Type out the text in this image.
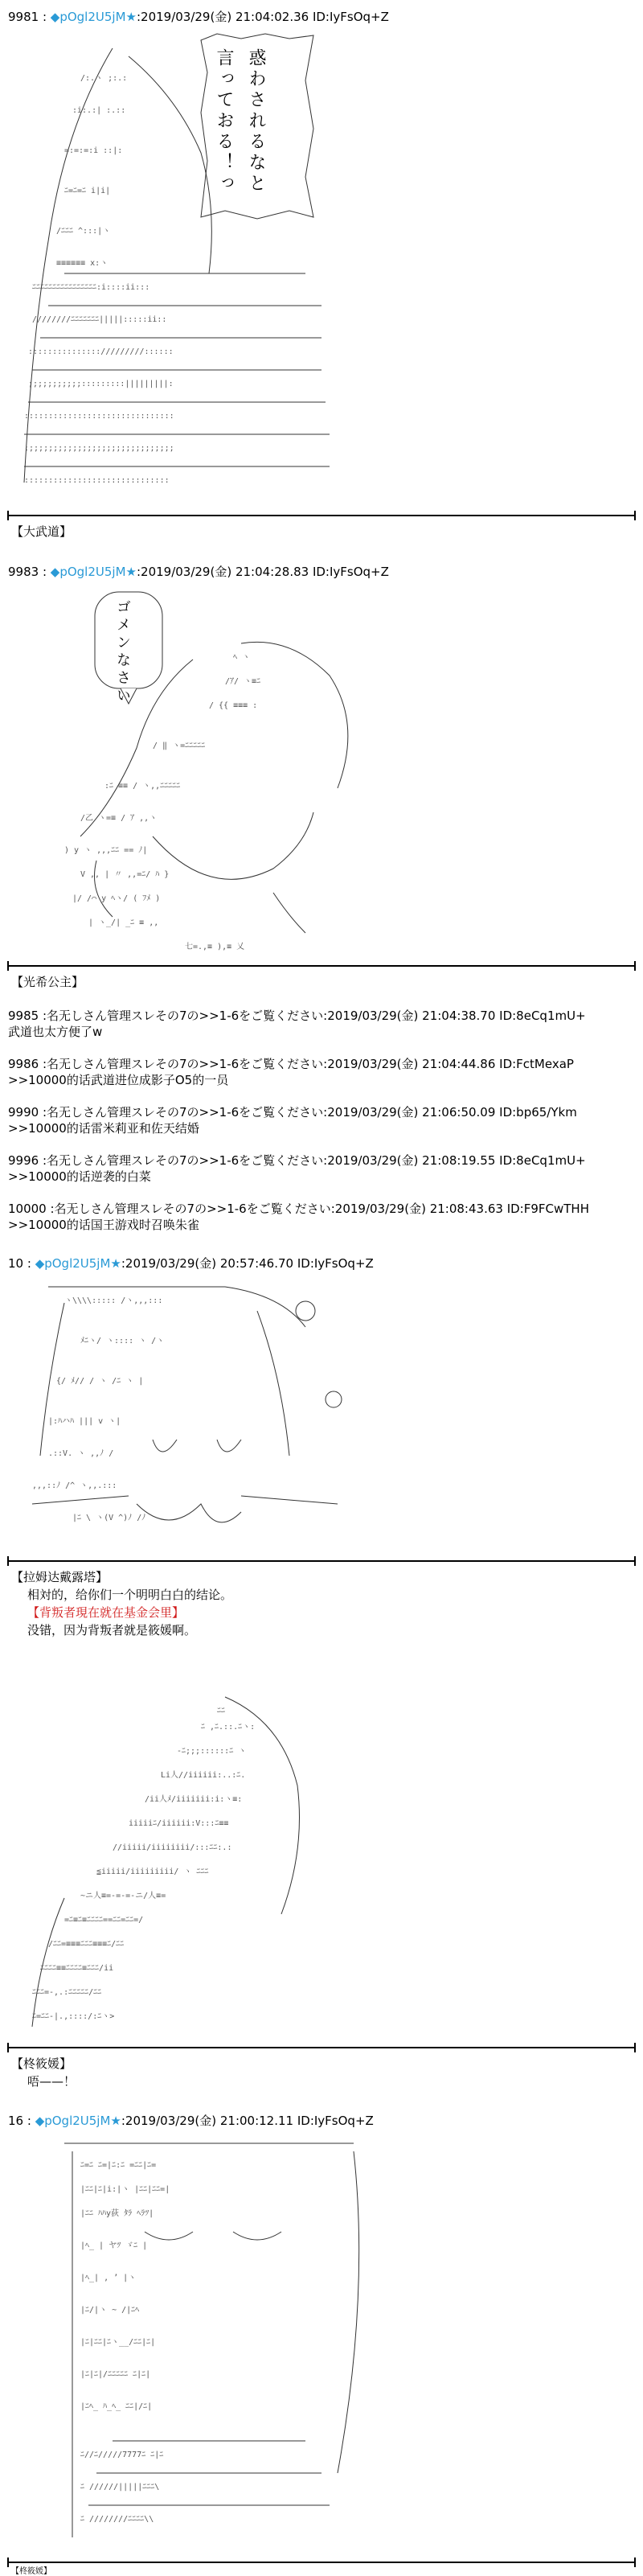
9981 : ◆pOgl2U5jM★:2019/03/29(金) 21:04:02.36 ID:IyFsOq+Z
/:.ヽ ;:.:
:i:.:| :.::
=:=:=:i ::|:
ﾆ=ﾆ=ﾆ i|i|
/ﾆﾆﾆ ^:::|ヽ
≡≡≡≡≡≡ x:ヽ
ﾆﾆﾆﾆﾆﾆﾆﾆﾆﾆﾆﾆﾆﾆﾆﾆ:i::::ii:::
////////ﾆﾆﾆﾆﾆﾆﾆ|||||:::::ii::
::::::::::::::://///////::::::
;;;;;;;;;;;:::::::::|||||||||:
:::::::::::::::::::::::::::::::
;;;;;;;;;;;;;;;;;;;;;;;;;;;;;;;
::::::::::::::::::::::::::::::
惑わされるなと
言っておる！っ
【大武道】
9983 : ◆pOgl2U5jM★:2019/03/29(金) 21:04:28.83 ID:IyFsOq+Z
ゴメンなさい	ﾍ ヽ
/ｱ/ ヽ≡ﾆ
/ {{ ≡≡≡ :
/ ‖ ヽ=ﾆﾆﾆﾆﾆ
:ﾆ ≡≡ / ヽ,,ﾆﾆﾆﾆﾆ
/乙 ヽ=≡ / ｱ ,,ヽ
) y ヽ ,,,ﾆﾆ == ﾉ|
V ,, | 〃 ,,=ﾆ/ ﾊ }
|/ /⌒ y ﾍヽ/ ( ﾌﾒ )
| ヽ_/| _ﾆ ≡ ,,
七=.,≡ ),≡ 乂
【光希公主】
9985 :名无しさん管理スレその7の>>1-6をご覧ください:2019/03/29(金) 21:04:38.70 ID:8eCq1mU+
武道也太方便了w
9986 :名无しさん管理スレその7の>>1-6をご覧ください:2019/03/29(金) 21:04:44.86 ID:FctMexaP
>>10000的话武道进位成影子O5的一员
9990 :名无しさん管理スレその7の>>1-6をご覧ください:2019/03/29(金) 21:06:50.09 ID:bp65/Ykm
>>10000的话雷米莉亚和佐天结婚
9996 :名无しさん管理スレその7の>>1-6をご覧ください:2019/03/29(金) 21:08:19.55 ID:8eCq1mU+
>>10000的话逆袭的白菜
10000 :名无しさん管理スレその7の>>1-6をご覧ください:2019/03/29(金) 21:08:43.63 ID:F9FCwTHH
>>10000的话国王游戏时召唤朱雀
10 : ◆pOgl2U5jM★:2019/03/29(金) 20:57:46.70 ID:IyFsOq+Z
ヽ\\\\::::: /ヽ,,,:::
ﾒﾆヽ/ ヽ:::: ヽ /ヽ
{/ ﾒ// / ヽ /ﾆ ヽ |
|:ﾊハﾊ ||| v ヽ|
.::V. ヽ ,,ﾉ /
,,,::ﾉ /^ ヽ,,.:::
|ﾆ \ ヽ(V ^)ﾉ /ﾉ
【拉姆达戴露塔】
相対的，给你们一个明明白白的结论。
【背叛者現在就在基金会里】
没错，因为背叛者就是筱媛啊。
ﾆﾆ
ﾆ ,ﾆ.::.ﾆヽ:
-ﾆ;;;::::::ﾆ ヽ
Li人//iiiiii:..:ﾆ.
/ii人ﾒ/iiiiiii:i:ヽ≡:
iiiiiﾆ/iiiiii:V:::ﾆ≡≡
//iiiii/iiiiiiii/:::ﾆﾆ:.:
≦iiiii/iiiiiiiii/ ヽ ﾆﾆﾆ
~ニ人≡=-=-=-ニ/人≡=
=ﾆ≡ﾆ≡ﾆﾆﾆﾆ==ﾆﾆ=ﾆﾆ=/
/ﾆﾆ=≡≡≡ﾆﾆﾆ≡≡≡ﾆ/ﾆﾆ
ﾆﾆﾆﾆ≡≡ﾆﾆﾆﾆ≡ﾆﾆﾆ/ii
ﾆﾆﾆ=-,.:ﾆﾆﾆﾆﾆ/ﾆﾆ
ﾆ=ﾆﾆ-|.,::::/:ﾆヽ>
【柊筱媛】
唔——！
16 : ◆pOgl2U5jM★:2019/03/29(金) 21:00:12.11 ID:IyFsOq+Z
ﾆ=ﾆ ﾆ=|ﾆ:ﾆ =ﾆﾆ|ﾆ=
|ﾆﾆ|ﾆ|i:|ヽ |ﾆﾆ|ﾆﾆ=|
|ﾆﾆ ﾊﾊy荻 ﾀﾗ ﾍﾗﾂ|
|ﾍ_ | ヤﾂ ゞﾆ |
|ﾍ_| , ’ |ヽ
|ﾆ/|ヽ ~ /|ﾆﾍ
|ﾆ|ﾆﾆ|ﾆヽ__/ﾆﾆ|ﾆ|
|ﾆ|ﾆ|/ﾆﾆﾆﾆﾆ ﾆ|ﾆ|
|ﾆﾍ_ ﾊ_ﾍ_ ﾆﾆ|/ﾆ|
ﾆ//ﾆ/////7777ﾆ ﾆ|ﾆ
ﾆ //////|||||ﾆﾆﾆ\
ﾆ ////////ﾆﾆﾆﾆ\\
【柊筱媛】
